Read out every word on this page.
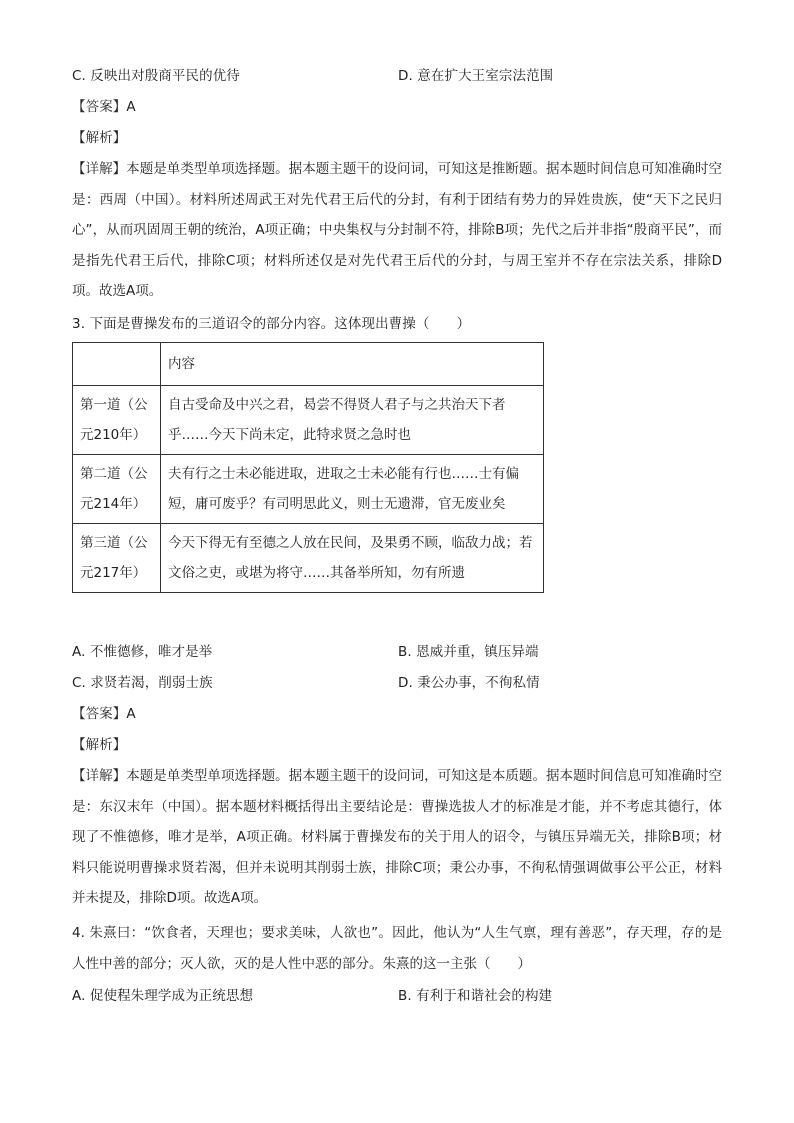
C. 反映出对殷商平民的优待	D. 意在扩大王室宗法范围
【答案】A
【解析】
【详解】本题是单类型单项选择题。据本题主题干的设问词，可知这是推断题。据本题时间信息可知准确时空是：西周（中国）。材料所述周武王对先代君王后代的分封，有利于团结有势力的异姓贵族，使“天下之民归心”，从而巩固周王朝的统治，A项正确；中央集权与分封制不符，排除B项；先代之后并非指“殷商平民”，而是指先代君王后代，排除C项；材料所述仅是对先代君王后代的分封，与周王室并不存在宗法关系，排除D项。故选A项。
3. 下面是曹操发布的三道诏令的部分内容。这体现出曹操（　　）
	内容
第一道（公元210年）	自古受命及中兴之君，曷尝不得贤人君子与之共治天下者乎……今天下尚未定，此特求贤之急时也
第二道（公元214年）	夫有行之士未必能进取，进取之士未必能有行也……士有偏短，庸可废乎？有司明思此义，则士无遗滞，官无废业矣
第三道（公元217年）	今天下得无有至德之人放在民间，及果勇不顾，临敌力战；若文俗之吏，或堪为将守……其备举所知，勿有所遗
A. 不惟德修，唯才是举	B. 恩威并重，镇压异端
C. 求贤若渴，削弱士族	D. 秉公办事，不徇私情
【答案】A
【解析】
【详解】本题是单类型单项选择题。据本题主题干的设问词，可知这是本质题。据本题时间信息可知准确时空是：东汉末年（中国）。据本题材料概括得出主要结论是：曹操选拔人才的标准是才能，并不考虑其德行，体现了不惟德修，唯才是举，A项正确。材料属于曹操发布的关于用人的诏令，与镇压异端无关，排除B项；材料只能说明曹操求贤若渴，但并未说明其削弱士族，排除C项；秉公办事，不徇私情强调做事公平公正，材料并未提及，排除D项。故选A项。
4. 朱熹曰：“饮食者，天理也；要求美味，人欲也”。因此，他认为“人生气禀，理有善恶”，存天理，存的是人性中善的部分；灭人欲，灭的是人性中恶的部分。朱熹的这一主张（　　）
A. 促使程朱理学成为正统思想	B. 有利于和谐社会的构建
